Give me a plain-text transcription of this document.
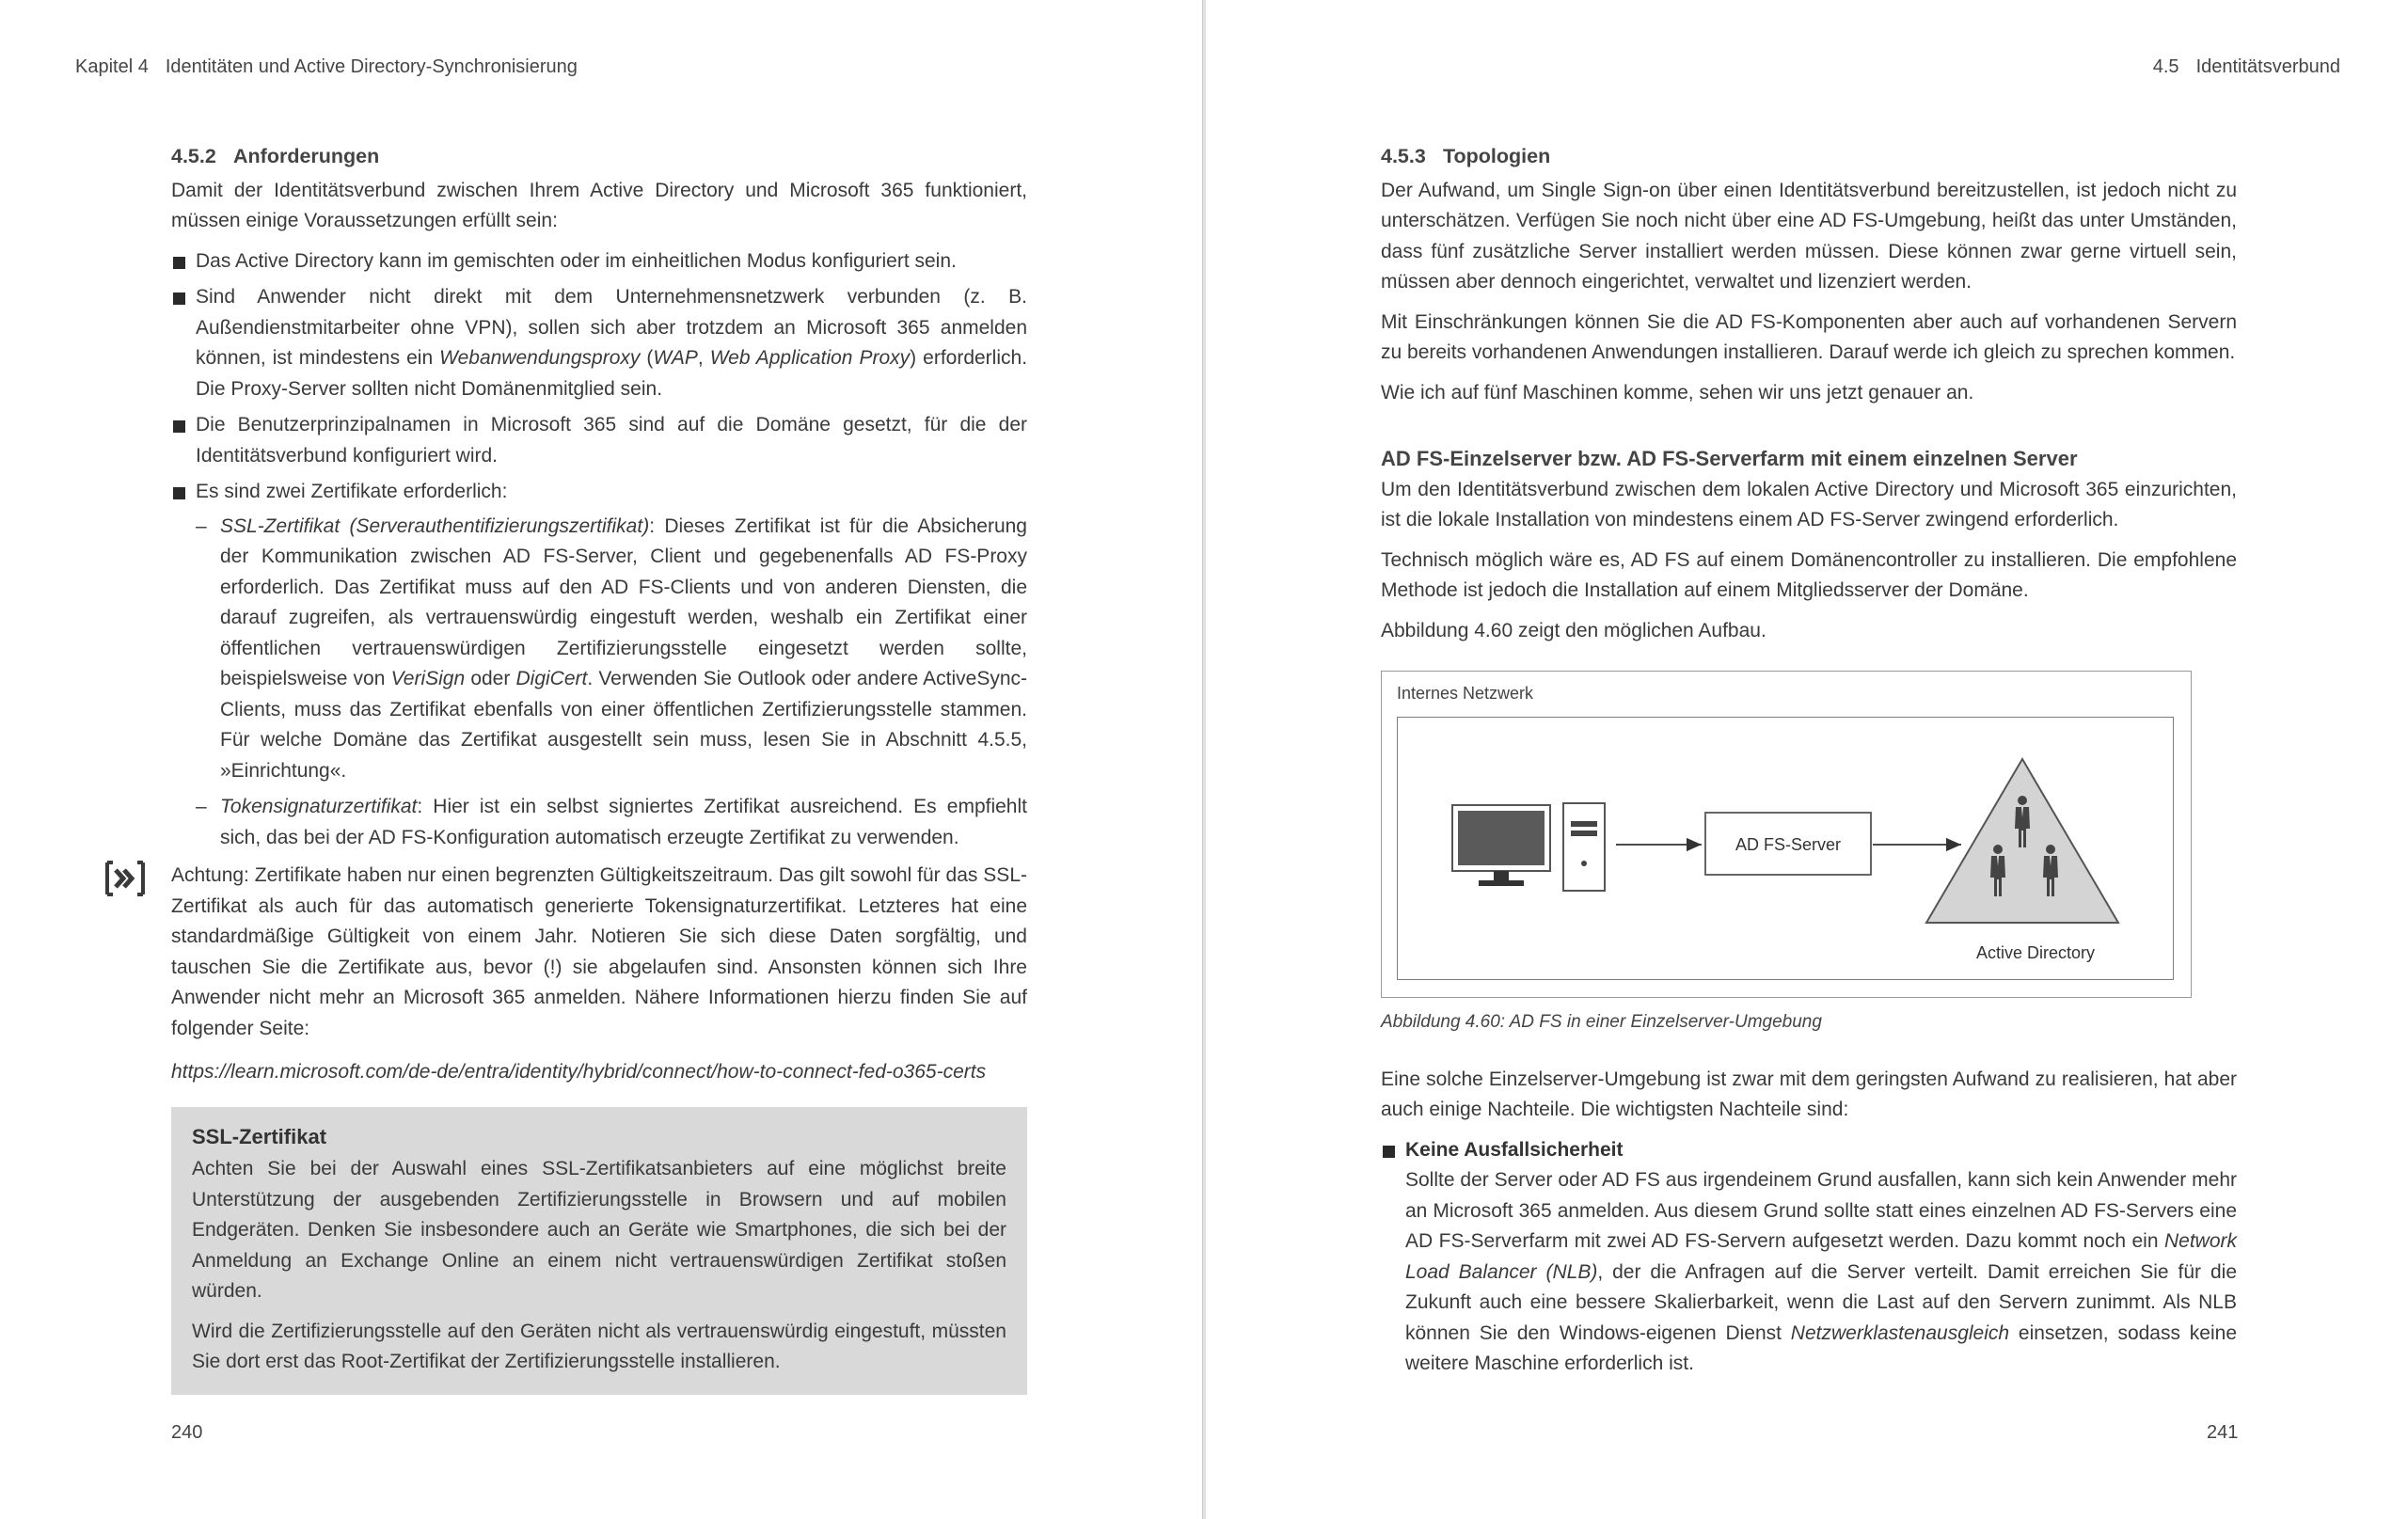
Kapitel 4 Identitäten und Active Directory-Synchronisierung
4.5.2 Anforderungen

Damit der Identitätsverbund zwischen Ihrem Active Directory und Microsoft 365 funktioniert, müssen einige Voraussetzungen erfüllt sein:

Das Active Directory kann im gemischten oder im einheitlichen Modus konfiguriert sein.
Sind Anwender nicht direkt mit dem Unternehmensnetzwerk verbunden (z. B. Außendienstmitarbeiter ohne VPN), sollen sich aber trotzdem an Microsoft 365 anmelden können, ist mindestens ein Webanwendungsproxy (WAP, Web Application Proxy) erforderlich. Die Proxy-Server sollten nicht Domänenmitglied sein.
Die Benutzerprinzipalnamen in Microsoft 365 sind auf die Domäne gesetzt, für die der Identitätsverbund konfiguriert wird.
Es sind zwei Zertifikate erforderlich:
– SSL-Zertifikat (Serverauthentifizierungszertifikat): Dieses Zertifikat ist für die Absicherung der Kommunikation zwischen AD FS-Server, Client und gegebenenfalls AD FS-Proxy erforderlich. Das Zertifikat muss auf den AD FS-Clients und von anderen Diensten, die darauf zugreifen, als vertrauenswürdig eingestuft werden, weshalb ein Zertifikat einer öffentlichen vertrauenswürdigen Zertifizierungsstelle eingesetzt werden sollte, beispielsweise von VeriSign oder DigiCert. Verwenden Sie Outlook oder andere ActiveSync-Clients, muss das Zertifikat ebenfalls von einer öffentlichen Zertifizierungsstelle stammen. Für welche Domäne das Zertifikat ausgestellt sein muss, lesen Sie in Abschnitt 4.5.5, »Einrichtung«.
– Tokensignaturzertifikat: Hier ist ein selbst signiertes Zertifikat ausreichend. Es empfiehlt sich, das bei der AD FS-Konfiguration automatisch erzeugte Zertifikat zu verwenden.

Achtung: Zertifikate haben nur einen begrenzten Gültigkeitszeitraum. Das gilt sowohl für das SSL-Zertifikat als auch für das automatisch generierte Tokensignaturzertifikat. Letzteres hat eine standardmäßige Gültigkeit von einem Jahr. Notieren Sie sich diese Daten sorgfältig, und tauschen Sie die Zertifikate aus, bevor (!) sie abgelaufen sind. Ansonsten können sich Ihre Anwender nicht mehr an Microsoft 365 anmelden. Nähere Informationen hierzu finden Sie auf folgender Seite:

https://learn.microsoft.com/de-de/entra/identity/hybrid/connect/how-to-connect-fed-o365-certs

SSL-Zertifikat

Achten Sie bei der Auswahl eines SSL-Zertifikatsanbieters auf eine möglichst breite Unterstützung der ausgebenden Zertifizierungsstelle in Browsern und auf mobilen Endgeräten. Denken Sie insbesondere auch an Geräte wie Smartphones, die sich bei der Anmeldung an Exchange Online an einem nicht vertrauenswürdigen Zertifikat stoßen würden.

Wird die Zertifizierungsstelle auf den Geräten nicht als vertrauenswürdig eingestuft, müssten Sie dort erst das Root-Zertifikat der Zertifizierungsstelle installieren.

240
4.5 Identitätsverbund
4.5.3 Topologien

Der Aufwand, um Single Sign-on über einen Identitätsverbund bereitzustellen, ist jedoch nicht zu unterschätzen. Verfügen Sie noch nicht über eine AD FS-Umgebung, heißt das unter Umständen, dass fünf zusätzliche Server installiert werden müssen. Diese können zwar gerne virtuell sein, müssen aber dennoch eingerichtet, verwaltet und lizenziert werden.

Mit Einschränkungen können Sie die AD FS-Komponenten aber auch auf vorhandenen Servern zu bereits vorhandenen Anwendungen installieren. Darauf werde ich gleich zu sprechen kommen.

Wie ich auf fünf Maschinen komme, sehen wir uns jetzt genauer an.

AD FS-Einzelserver bzw. AD FS-Serverfarm mit einem einzelnen Server

Um den Identitätsverbund zwischen dem lokalen Active Directory und Microsoft 365 einzurichten, ist die lokale Installation von mindestens einem AD FS-Server zwingend erforderlich.

Technisch möglich wäre es, AD FS auf einem Domänencontroller zu installieren. Die empfohlene Methode ist jedoch die Installation auf einem Mitgliedsserver der Domäne.

Abbildung 4.60 zeigt den möglichen Aufbau.

Internes Netzwerk
AD FS-Server
Active Directory
Abbildung 4.60: AD FS in einer Einzelserver-Umgebung

Eine solche Einzelserver-Umgebung ist zwar mit dem geringsten Aufwand zu realisieren, hat aber auch einige Nachteile. Die wichtigsten Nachteile sind:

Keine Ausfallsicherheit
Sollte der Server oder AD FS aus irgendeinem Grund ausfallen, kann sich kein Anwender mehr an Microsoft 365 anmelden. Aus diesem Grund sollte statt eines einzelnen AD FS-Servers eine AD FS-Serverfarm mit zwei AD FS-Servern aufgesetzt werden. Dazu kommt noch ein Network Load Balancer (NLB), der die Anfragen auf die Server verteilt. Damit erreichen Sie für die Zukunft auch eine bessere Skalierbarkeit, wenn die Last auf den Servern zunimmt. Als NLB können Sie den Windows-eigenen Dienst Netzwerklastenausgleich einsetzen, sodass keine weitere Maschine erforderlich ist.
241
